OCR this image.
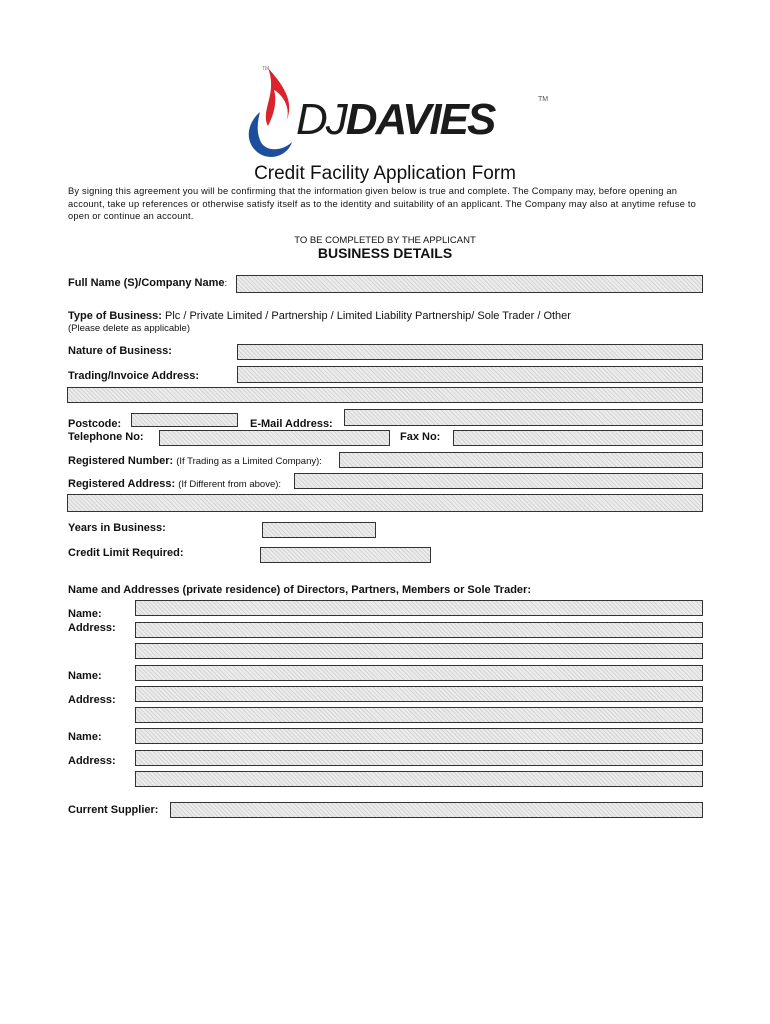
TM
DJDAVIES	TM
Credit Facility Application Form
By signing this agreement you will be confirming that the information given below is true and complete. The Company may, before opening an account, take up references or otherwise satisfy itself as to the identity and suitability of an applicant. The Company may also at anytime refuse to open or continue an account.
TO BE COMPLETED BY THE APPLICANT
BUSINESS DETAILS
Full Name (S)/Company Name:
Type of Business: Plc / Private Limited / Partnership / Limited Liability Partnership/ Sole Trader / Other
(Please delete as applicable)
Nature of Business:
Trading/Invoice Address:
Postcode:	E-Mail Address:
Telephone No:	Fax No:
Registered Number: (If Trading as a Limited Company):
Registered Address: (If Different from above):
Years in Business:
Credit Limit Required:
Name and Addresses (private residence) of Directors, Partners, Members or Sole Trader:
Name:
Address:
Name:
Address:
Name:
Address:
Current Supplier:
